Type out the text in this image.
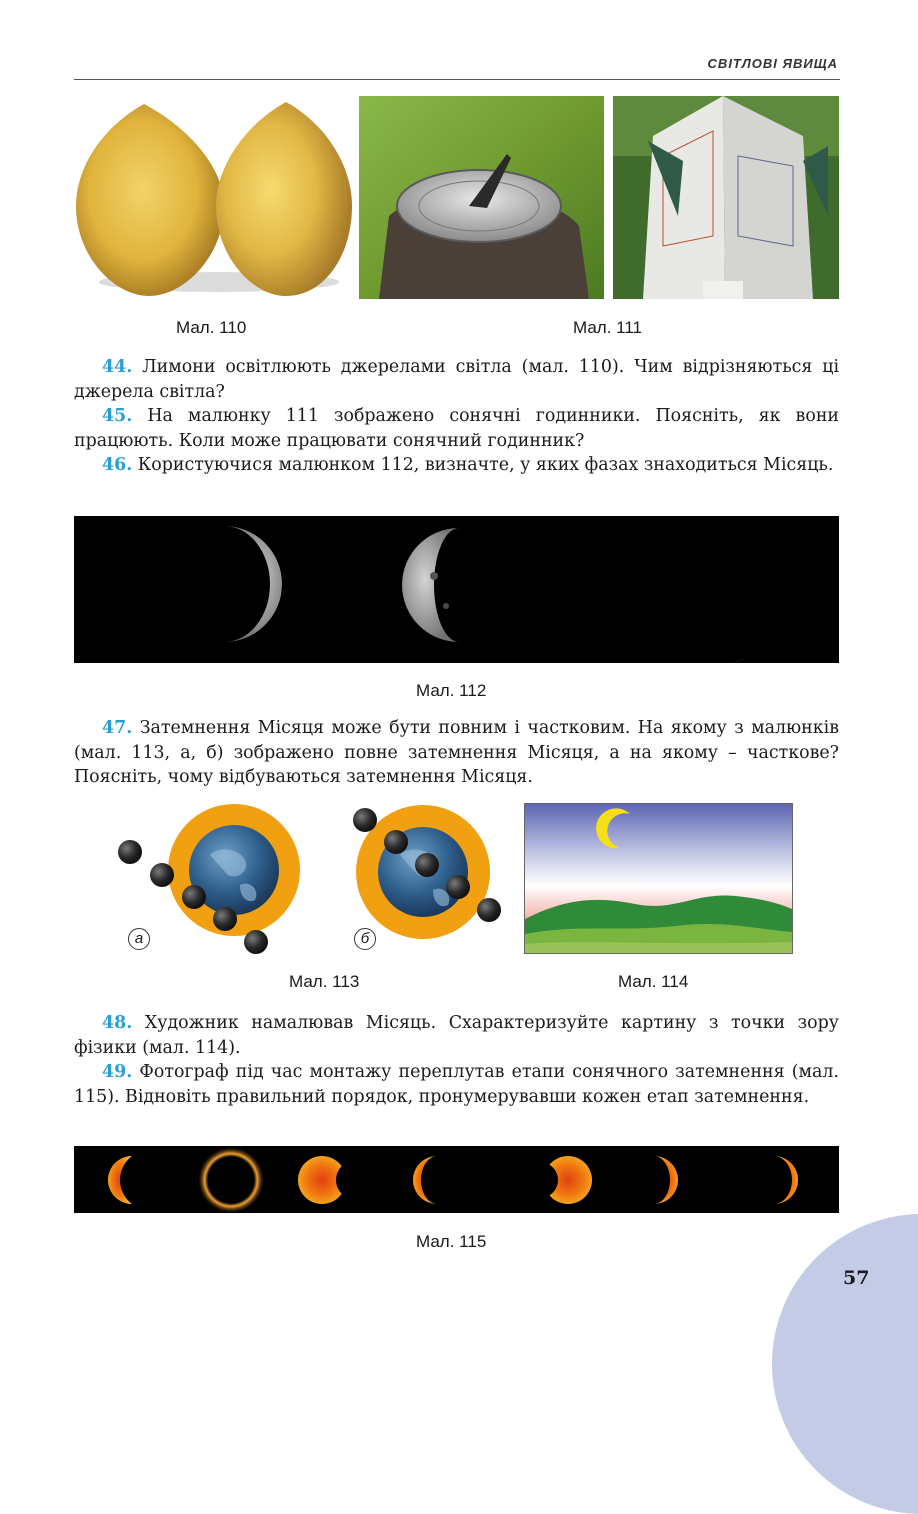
СВІТЛОВІ ЯВИЩА
Мал. 110	Мал. 111
44. Лимони освітлюють джерелами світла (мал. 110). Чим відрізняються ці джерела світла?
45. На малюнку 111 зображено сонячні годинники. Поясніть, як вони працюють. Коли може працювати сонячний годинник?
46. Користуючися малюнком 112, визначте, у яких фазах знаходиться Місяць.
Мал. 112
47. Затемнення Місяця може бути повним і частковим. На якому з малюнків (мал. 113, а, б) зображено повне затемнення Місяця, а на якому – часткове? Поясніть, чому відбуваються затемнення Місяця.
а	б
Мал. 113	Мал. 114
48. Художник намалював Місяць. Схарактеризуйте картину з точки зору фізики (мал. 114).
49. Фотограф під час монтажу переплутав етапи сонячного затемнення (мал. 115). Відновіть правильний порядок, пронумерувавши кожен етап затемнення.
Мал. 115
57
